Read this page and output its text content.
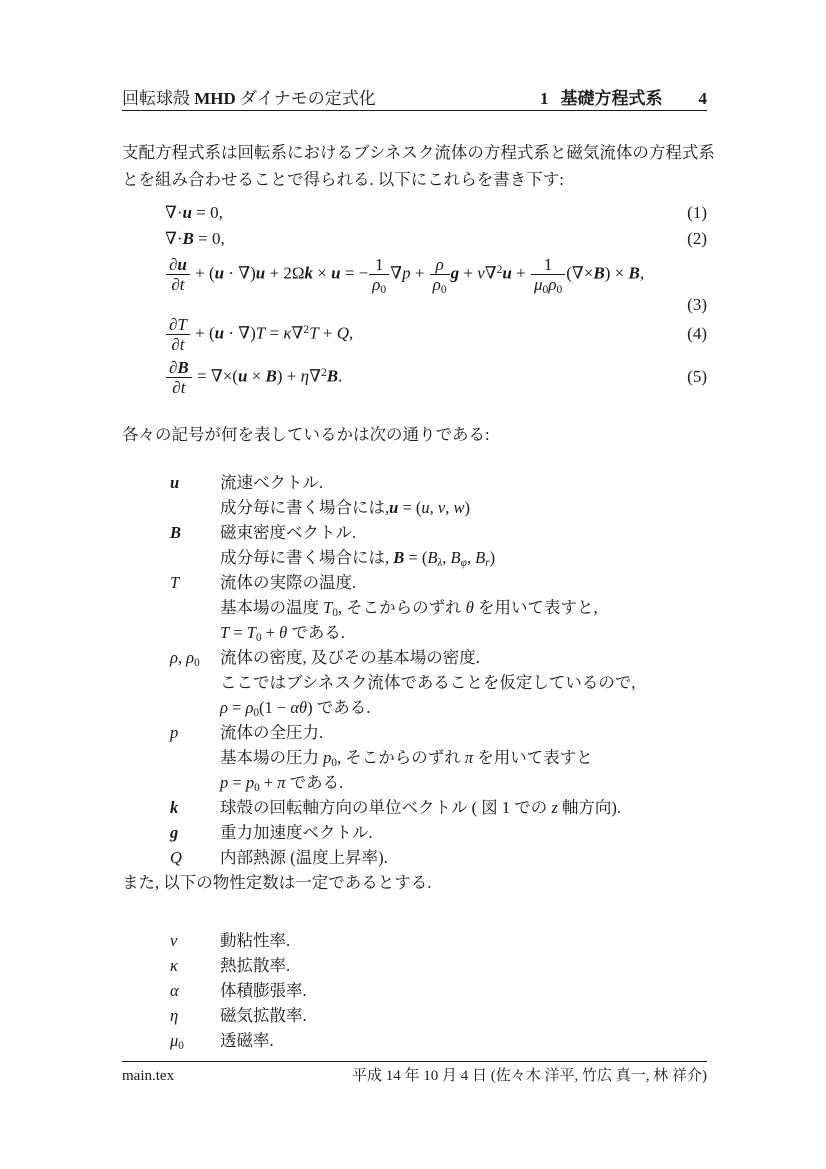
回転球殻 MHD ダイナモの定式化	1 基礎方程式系 4
支配方程式系は回転系におけるブシネスク流体の方程式系と磁気流体の方程式系
とを組み合わせることで得られる. 以下にこれらを書き下す:
∇·u = 0,	(1)
∇·B = 0,	(2)
$\frac{\partial u}{\partial t} + (u \cdot \nabla)u + 2\Omega k \times u$ = − $\frac{1}{\rho_0} \nabla p + \frac{\rho}{\rho_0}$ $g + \nu\nabla^2u + \frac{1}{\mu_0\rho_0} (\nabla\times B) \times B$,
(3)
$\frac{\partial T}{\partial t} + (u \cdot \nabla)T = \kappa\nabla^2T + Q$,	(4)
$\frac{\partial B}{\partial t} = \nabla\times(u \times B) + \eta\nabla^2B$.	(5)
各々の記号が何を表しているかは次の通りである:
u	流速ベクトル.
成分毎に書く場合には,u = (u, v, w)
B	磁束密度ベクトル.
成分毎に書く場合には, $B = (B_\lambda$, $B_\varphi$, $B_r$)
T	流体の実際の温度.
基本場の温度 $T_0$, そこからのずれ θ を用いて表すと,
$T = T_0 + \theta$ である.
ρ, $\rho_0$	流体の密度, 及びその基本場の密度.
ここではブシネスク流体であることを仮定しているので,
$\rho = \rho_0(1 - \alpha\theta)$ である.
p	流体の全圧力.
基本場の圧力 $p_0$, そこからのずれ π を用いて表すと
$p = p_0 + \pi$ である.
k	球殻の回転軸方向の単位ベクトル ( 図 1 での z 軸方向).
g	重力加速度ベクトル.
Q	内部熱源 (温度上昇率).
また, 以下の物性定数は一定であるとする.
ν	動粘性率.
κ	熱拡散率.
α	体積膨張率.
η	磁気拡散率.
$\mu_0$	透磁率.
main.tex	平成 14 年 10 月 4 日 (佐々木 洋平, 竹広 真一, 林 祥介)
